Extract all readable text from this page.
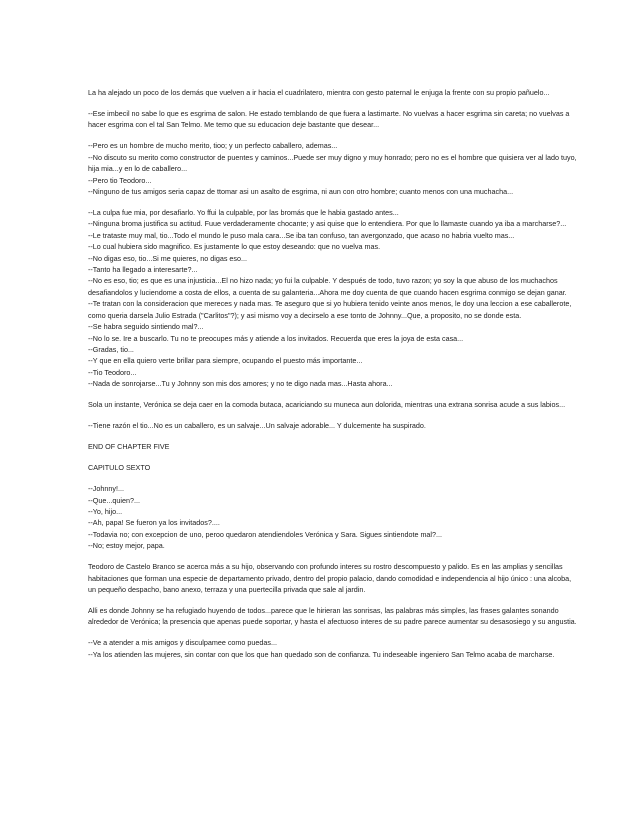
La ha alejado un poco de los demás que vuelven a ir hacia el cuadrilatero, mientra con gesto paternal le enjuga la frente con su propio pañuelo...

--Ese imbecil no sabe lo que es esgrima de salon. He estado temblando de que fuera a lastimarte. No vuelvas a hacer esgrima sin careta; no vuelvas a hacer esgrima con el tal San Telmo. Me temo que su educacion deje bastante que desear...

--Pero es un hombre de mucho merito, tioo; y un perfecto caballero, ademas...

--No discuto su merito como constructor de puentes y caminos...Puede ser muy digno y muy honrado; pero no es el hombre que quisiera ver al lado tuyo, hija mia...y en lo de caballero...

--Pero tio Teodoro...

--Ninguno de tus amigos seria capaz de ttomar asi un asalto de esgrima, ni aun con otro hombre; cuanto menos con una muchacha...

--La culpa fue mia, por desafiarlo. Yo ffui la culpable, por las bromás que le habia gastado antes...

--Ninguna broma justifica su actitud. Fuue verdaderamente chocante; y asi quise que lo entendiera. Por que lo llamaste cuando ya iba a marcharse?...

--Le trataste muy mal, tio...Todo el mundo le puso mala cara...Se iba tan confuso, tan avergonzado, que acaso no habria vuelto mas...

--Lo cual hubiera sido magnifico. Es justamente lo que estoy deseando: que no vuelva mas.

--No digas eso, tio...Si me quieres, no digas eso...

--Tanto ha llegado a interesarte?...

--No es eso, tio; es que es una injusticia...El no hizo nada; yo fui la culpable. Y después de todo, tuvo razon; yo soy la que abuso de los muchachos desafiandolos y luciendome a costa de ellos, a cuenta de su galanteria...Ahora me doy cuenta de que cuando hacen esgrima conmigo se dejan ganar.

--Te tratan con la consideracion que mereces y nada mas. Te aseguro que si yo hubiera tenido veinte anos menos, le doy una leccion a ese caballerote, como queria darsela Julio Estrada ("Carlitos"?); y asi mismo voy a decirselo a ese tonto de Johnny...Que, a proposito, no se donde esta.

--Se habra seguido sintiendo mal?...

--No lo se. Ire a buscarlo. Tu no te preocupes más y atiende a los invitados. Recuerda que eres la joya de esta casa...

--Gradas, tio...

--Y que en ella quiero verte brillar para siempre, ocupando el puesto más importante...

--Tio Teodoro...

--Nada de sonrojarse...Tu y Johnny son mis dos amores; y no te digo nada mas...Hasta ahora...

Sola un instante, Verónica se deja caer en la comoda butaca, acariciando su muneca aun dolorida, mientras una extrana sonrisa acude a sus labios...

--Tiene razón el tio...No es un caballero, es un salvaje...Un salvaje adorable... Y dulcemente ha suspirado.

END OF CHAPTER FIVE

CAPITULO SEXTO

--Johnny!...

--Que...quien?...

--Yo, hijo...

--Ah, papa! Se fueron ya los invitados?....

--Todavia no; con excepcion de uno, peroo quedaron atendiendoles Verónica y Sara. Sigues sintiendote mal?...

--No; estoy mejor, papa.

Teodoro de Castelo Branco se acerca más a su hijo, observando con profundo interes su rostro descompuesto y palido. Es en las amplias y sencillas habitaciones que forman una especie de departamento privado, dentro del propio palacio, dando comodidad e independencia al hijo único : una alcoba, un pequeño despacho, bano anexo, terraza y una puertecilla privada que sale al jardin.

Alli es donde Johnny se ha refugiado huyendo de todos...parece que le hirieran las sonrisas, las palabras más simples, las frases galantes sonando alrededor de Verónica; la presencia que apenas puede soportar, y hasta el afectuoso interes de su padre parece aumentar su desasosiego y su angustia.

--Ve a atender a mis amigos y disculpamee como puedas...

--Ya los atienden las mujeres, sin contar con que los que han quedado son de confianza. Tu indeseable ingeniero San Telmo acaba de marcharse.
